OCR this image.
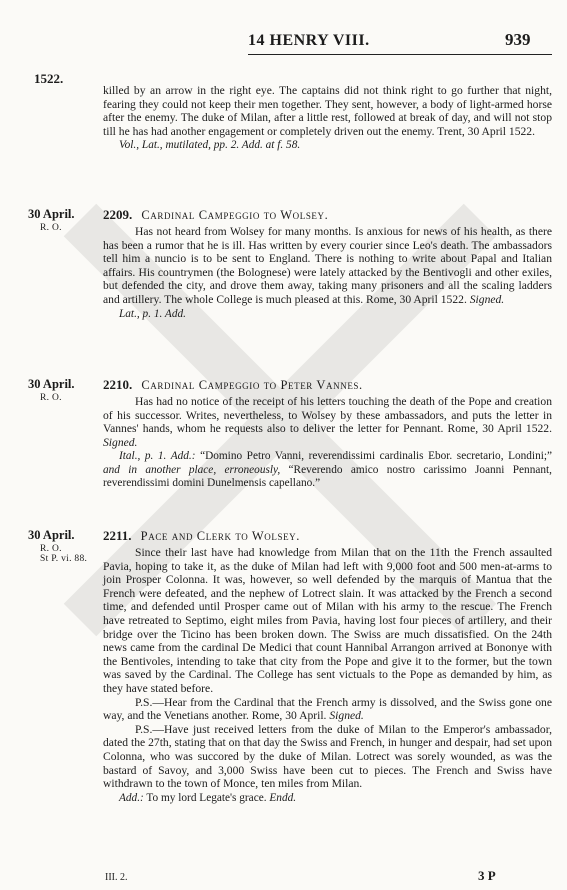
14 HENRY VIII.	939
1522.

killed by an arrow in the right eye. The captains did not think right to go further that night, fearing they could not keep their men together. They sent, however, a body of light-armed horse after the enemy. The duke of Milan, after a little rest, followed at break of day, and will not stop till he has had another engagement or completely driven out the enemy. Trent, 30 April 1522.

Vol., Lat., mutilated, pp. 2. Add. at f. 58.
30 April.
R. O.
2209. Cardinal Campeggio to Wolsey.

Has not heard from Wolsey for many months. Is anxious for news of his health, as there has been a rumor that he is ill. Has written by every courier since Leo's death. The ambassadors tell him a nuncio is to be sent to England. There is nothing to write about Papal and Italian affairs. His countrymen (the Bolognese) were lately attacked by the Bentivogli and other exiles, but defended the city, and drove them away, taking many prisoners and all the scaling ladders and artillery. The whole College is much pleased at this. Rome, 30 April 1522. Signed.

Lat., p. 1. Add.
30 April.
R. O.
2210. Cardinal Campeggio to Peter Vannes.

Has had no notice of the receipt of his letters touching the death of the Pope and creation of his successor. Writes, nevertheless, to Wolsey by these ambassadors, and puts the letter in Vannes' hands, whom he requests also to deliver the letter for Pennant. Rome, 30 April 1522. Signed.

Ital., p. 1. Add.: “Domino Petro Vanni, reverendissimi cardinalis Ebor. secretario, Londini;” and in another place, erroneously, “Reverendo amico nostro carissimo Joanni Pennant, reverendissimi domini Dunelmensis capellano.”
30 April.
R. O.
St P. vi. 88.
2211. Pace and Clerk to Wolsey.

Since their last have had knowledge from Milan that on the 11th the French assaulted Pavia, hoping to take it, as the duke of Milan had left with 9,000 foot and 500 men-at-arms to join Prosper Colonna. It was, however, so well defended by the marquis of Mantua that the French were defeated, and the nephew of Lotrect slain. It was attacked by the French a second time, and defended until Prosper came out of Milan with his army to the rescue. The French have retreated to Septimo, eight miles from Pavia, having lost four pieces of artillery, and their bridge over the Ticino has been broken down. The Swiss are much dissatisfied. On the 24th news came from the cardinal De Medici that count Hannibal Arrangon arrived at Bononye with the Bentivoles, intending to take that city from the Pope and give it to the former, but the town was saved by the Cardinal. The College has sent victuals to the Pope as demanded by him, as they have stated before.

P.S.—Hear from the Cardinal that the French army is dissolved, and the Swiss gone one way, and the Venetians another. Rome, 30 April. Signed.

P.S.—Have just received letters from the duke of Milan to the Emperor's ambassador, dated the 27th, stating that on that day the Swiss and French, in hunger and despair, had set upon Colonna, who was succored by the duke of Milan. Lotrect was sorely wounded, as was the bastard of Savoy, and 3,000 Swiss have been cut to pieces. The French and Swiss have withdrawn to the town of Monce, ten miles from Milan.

Add.: To my lord Legate's grace. Endd.
III. 2.	3 P
